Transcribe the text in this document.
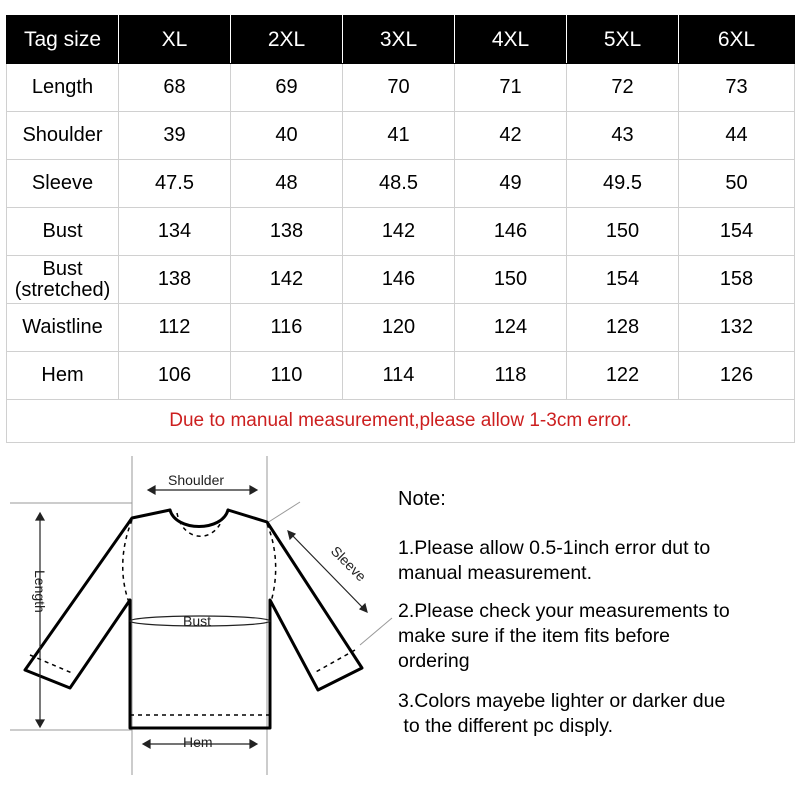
Tag size	XL	2XL	3XL	4XL	5XL	6XL
Length	68	69	70	71	72	73
Shoulder	39	40	41	42	43	44
Sleeve	47.5	48	48.5	49	49.5	50
Bust	134	138	142	146	150	154
Bust
(stretched)	138	142	146	150	154	158
Waistline	112	116	120	124	128	132
Hem	106	110	114	118	122	126
Due to manual measurement,please allow 1-3cm error.						
Shoulder
Length
Sleeve
Bust
Hem
Note:
1.Please allow 0.5-1inch error dut to
manual measurement.
2.Please check your measurements to
make sure if the item fits before
ordering
3.Colors mayebe lighter or darker due
to the different pc disply.
